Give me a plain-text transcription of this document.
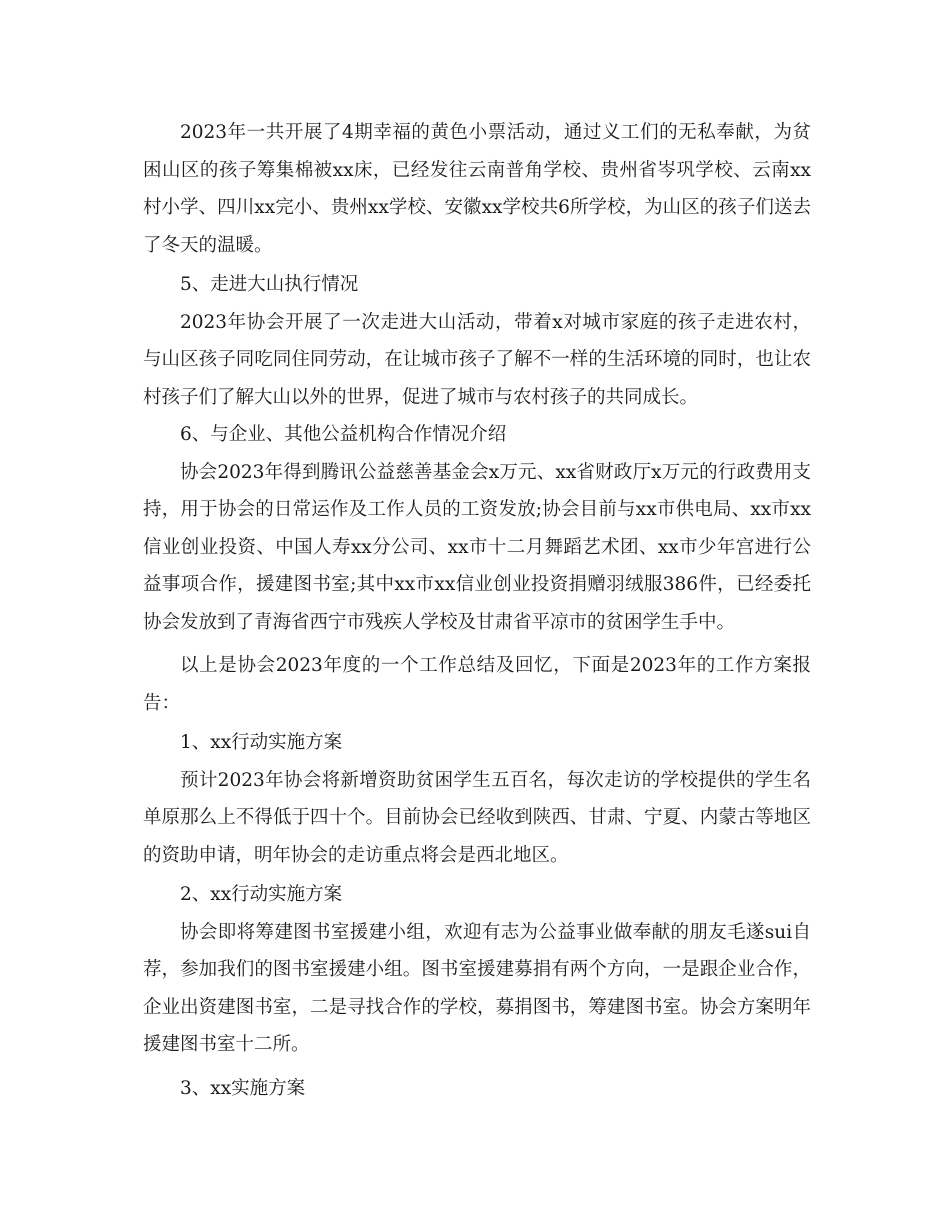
2023年一共开展了4期幸福的黄色小票活动，通过义工们的无私奉献，为贫困山区的孩子筹集棉被xx床，已经发往云南普角学校、贵州省岑巩学校、云南xx村小学、四川xx完小、贵州xx学校、安徽xx学校共6所学校，为山区的孩子们送去了冬天的温暖。

5、走进大山执行情况

2023年协会开展了一次走进大山活动，带着x对城市家庭的孩子走进农村，与山区孩子同吃同住同劳动，在让城市孩子了解不一样的生活环境的同时，也让农村孩子们了解大山以外的世界，促进了城市与农村孩子的共同成长。

6、与企业、其他公益机构合作情况介绍

协会2023年得到腾讯公益慈善基金会x万元、xx省财政厅x万元的行政费用支持，用于协会的日常运作及工作人员的工资发放;协会目前与xx市供电局、xx市xx信业创业投资、中国人寿xx分公司、xx市十二月舞蹈艺术团、xx市少年宫进行公益事项合作，援建图书室;其中xx市xx信业创业投资捐赠羽绒服386件，已经委托协会发放到了青海省西宁市残疾人学校及甘肃省平凉市的贫困学生手中。

以上是协会2023年度的一个工作总结及回忆，下面是2023年的工作方案报告：

1、xx行动实施方案

预计2023年协会将新增资助贫困学生五百名，每次走访的学校提供的学生名单原那么上不得低于四十个。目前协会已经收到陕西、甘肃、宁夏、内蒙古等地区的资助申请，明年协会的走访重点将会是西北地区。

2、xx行动实施方案

协会即将筹建图书室援建小组，欢迎有志为公益事业做奉献的朋友毛遂sui自荐，参加我们的图书室援建小组。图书室援建募捐有两个方向，一是跟企业合作，企业出资建图书室，二是寻找合作的学校，募捐图书，筹建图书室。协会方案明年援建图书室十二所。

3、xx实施方案
